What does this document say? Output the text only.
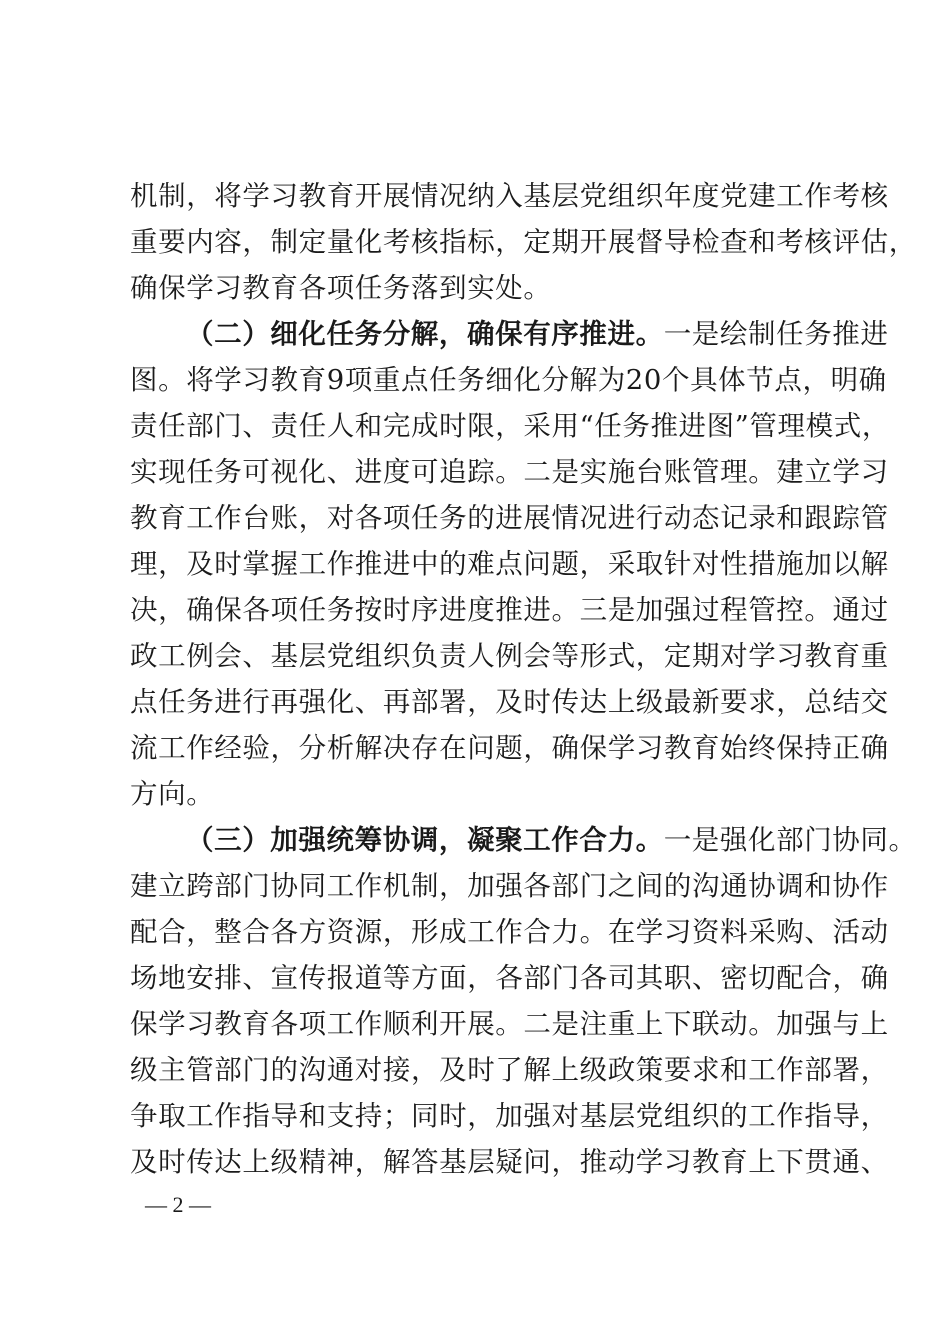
机制，将学习教育开展情况纳入基层党组织年度党建工作考核
重要内容，制定量化考核指标，定期开展督导检查和考核评估，
确保学习教育各项任务落到实处。
（二）细化任务分解，确保有序推进。一是绘制任务推进
图。将学习教育9项重点任务细化分解为20个具体节点，明确
责任部门、责任人和完成时限，采用“任务推进图”管理模式，
实现任务可视化、进度可追踪。二是实施台账管理。建立学习
教育工作台账，对各项任务的进展情况进行动态记录和跟踪管
理，及时掌握工作推进中的难点问题，采取针对性措施加以解
决，确保各项任务按时序进度推进。三是加强过程管控。通过
政工例会、基层党组织负责人例会等形式，定期对学习教育重
点任务进行再强化、再部署，及时传达上级最新要求，总结交
流工作经验，分析解决存在问题，确保学习教育始终保持正确
方向。
（三）加强统筹协调，凝聚工作合力。一是强化部门协同。
建立跨部门协同工作机制，加强各部门之间的沟通协调和协作
配合，整合各方资源，形成工作合力。在学习资料采购、活动
场地安排、宣传报道等方面，各部门各司其职、密切配合，确
保学习教育各项工作顺利开展。二是注重上下联动。加强与上
级主管部门的沟通对接，及时了解上级政策要求和工作部署，
争取工作指导和支持；同时，加强对基层党组织的工作指导，
及时传达上级精神，解答基层疑问，推动学习教育上下贯通、
— 2 —
